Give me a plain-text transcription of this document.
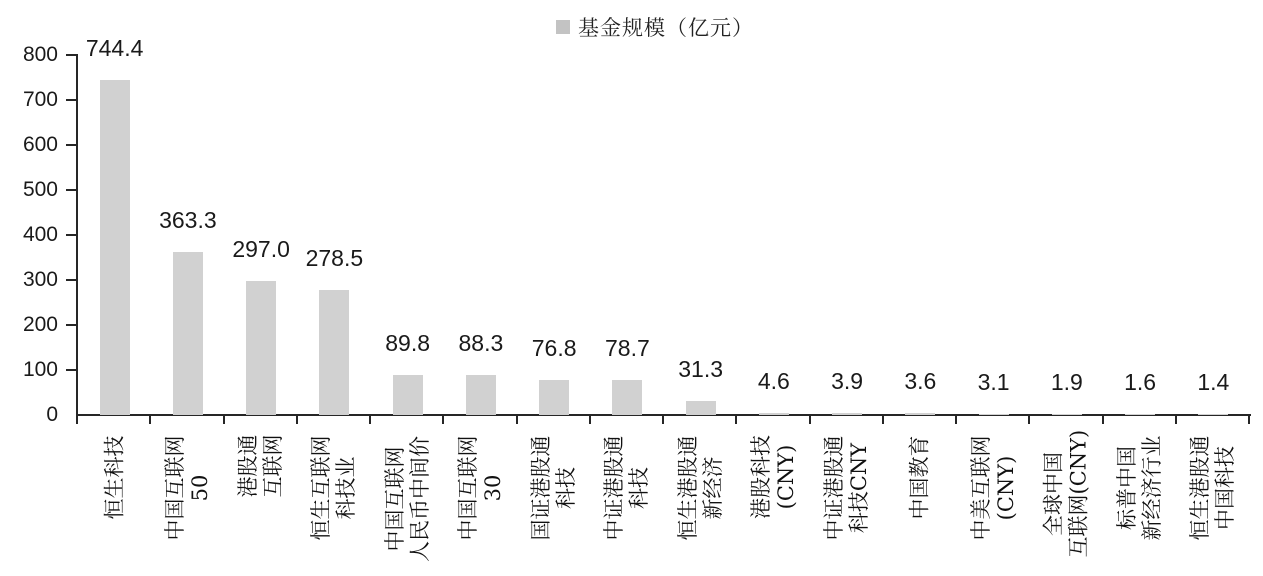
基金规模（亿元）
0
100
200
300
400
500
600
700
800	744.4
363.3
297.0 278.5
89.8	88.3	76.8	78.7
31.3	4.6	3.9	3.6	3.1	1.9	1.6	1.4
恒生科技 中国互联网 50 港股通 互联网 恒生互联网 科技业 中国互联网 人民币中间价 中国互联网 30 国证港股通 科技 中证港股通 科技 恒生港股通 新经济 港股科技 (CNY) 中证港股通 科技CNY 中国教育 中美互联网 (CNY) 全球中国 互联网(CNY) 标普中国 新经济行业 恒生港股通 中国科技
